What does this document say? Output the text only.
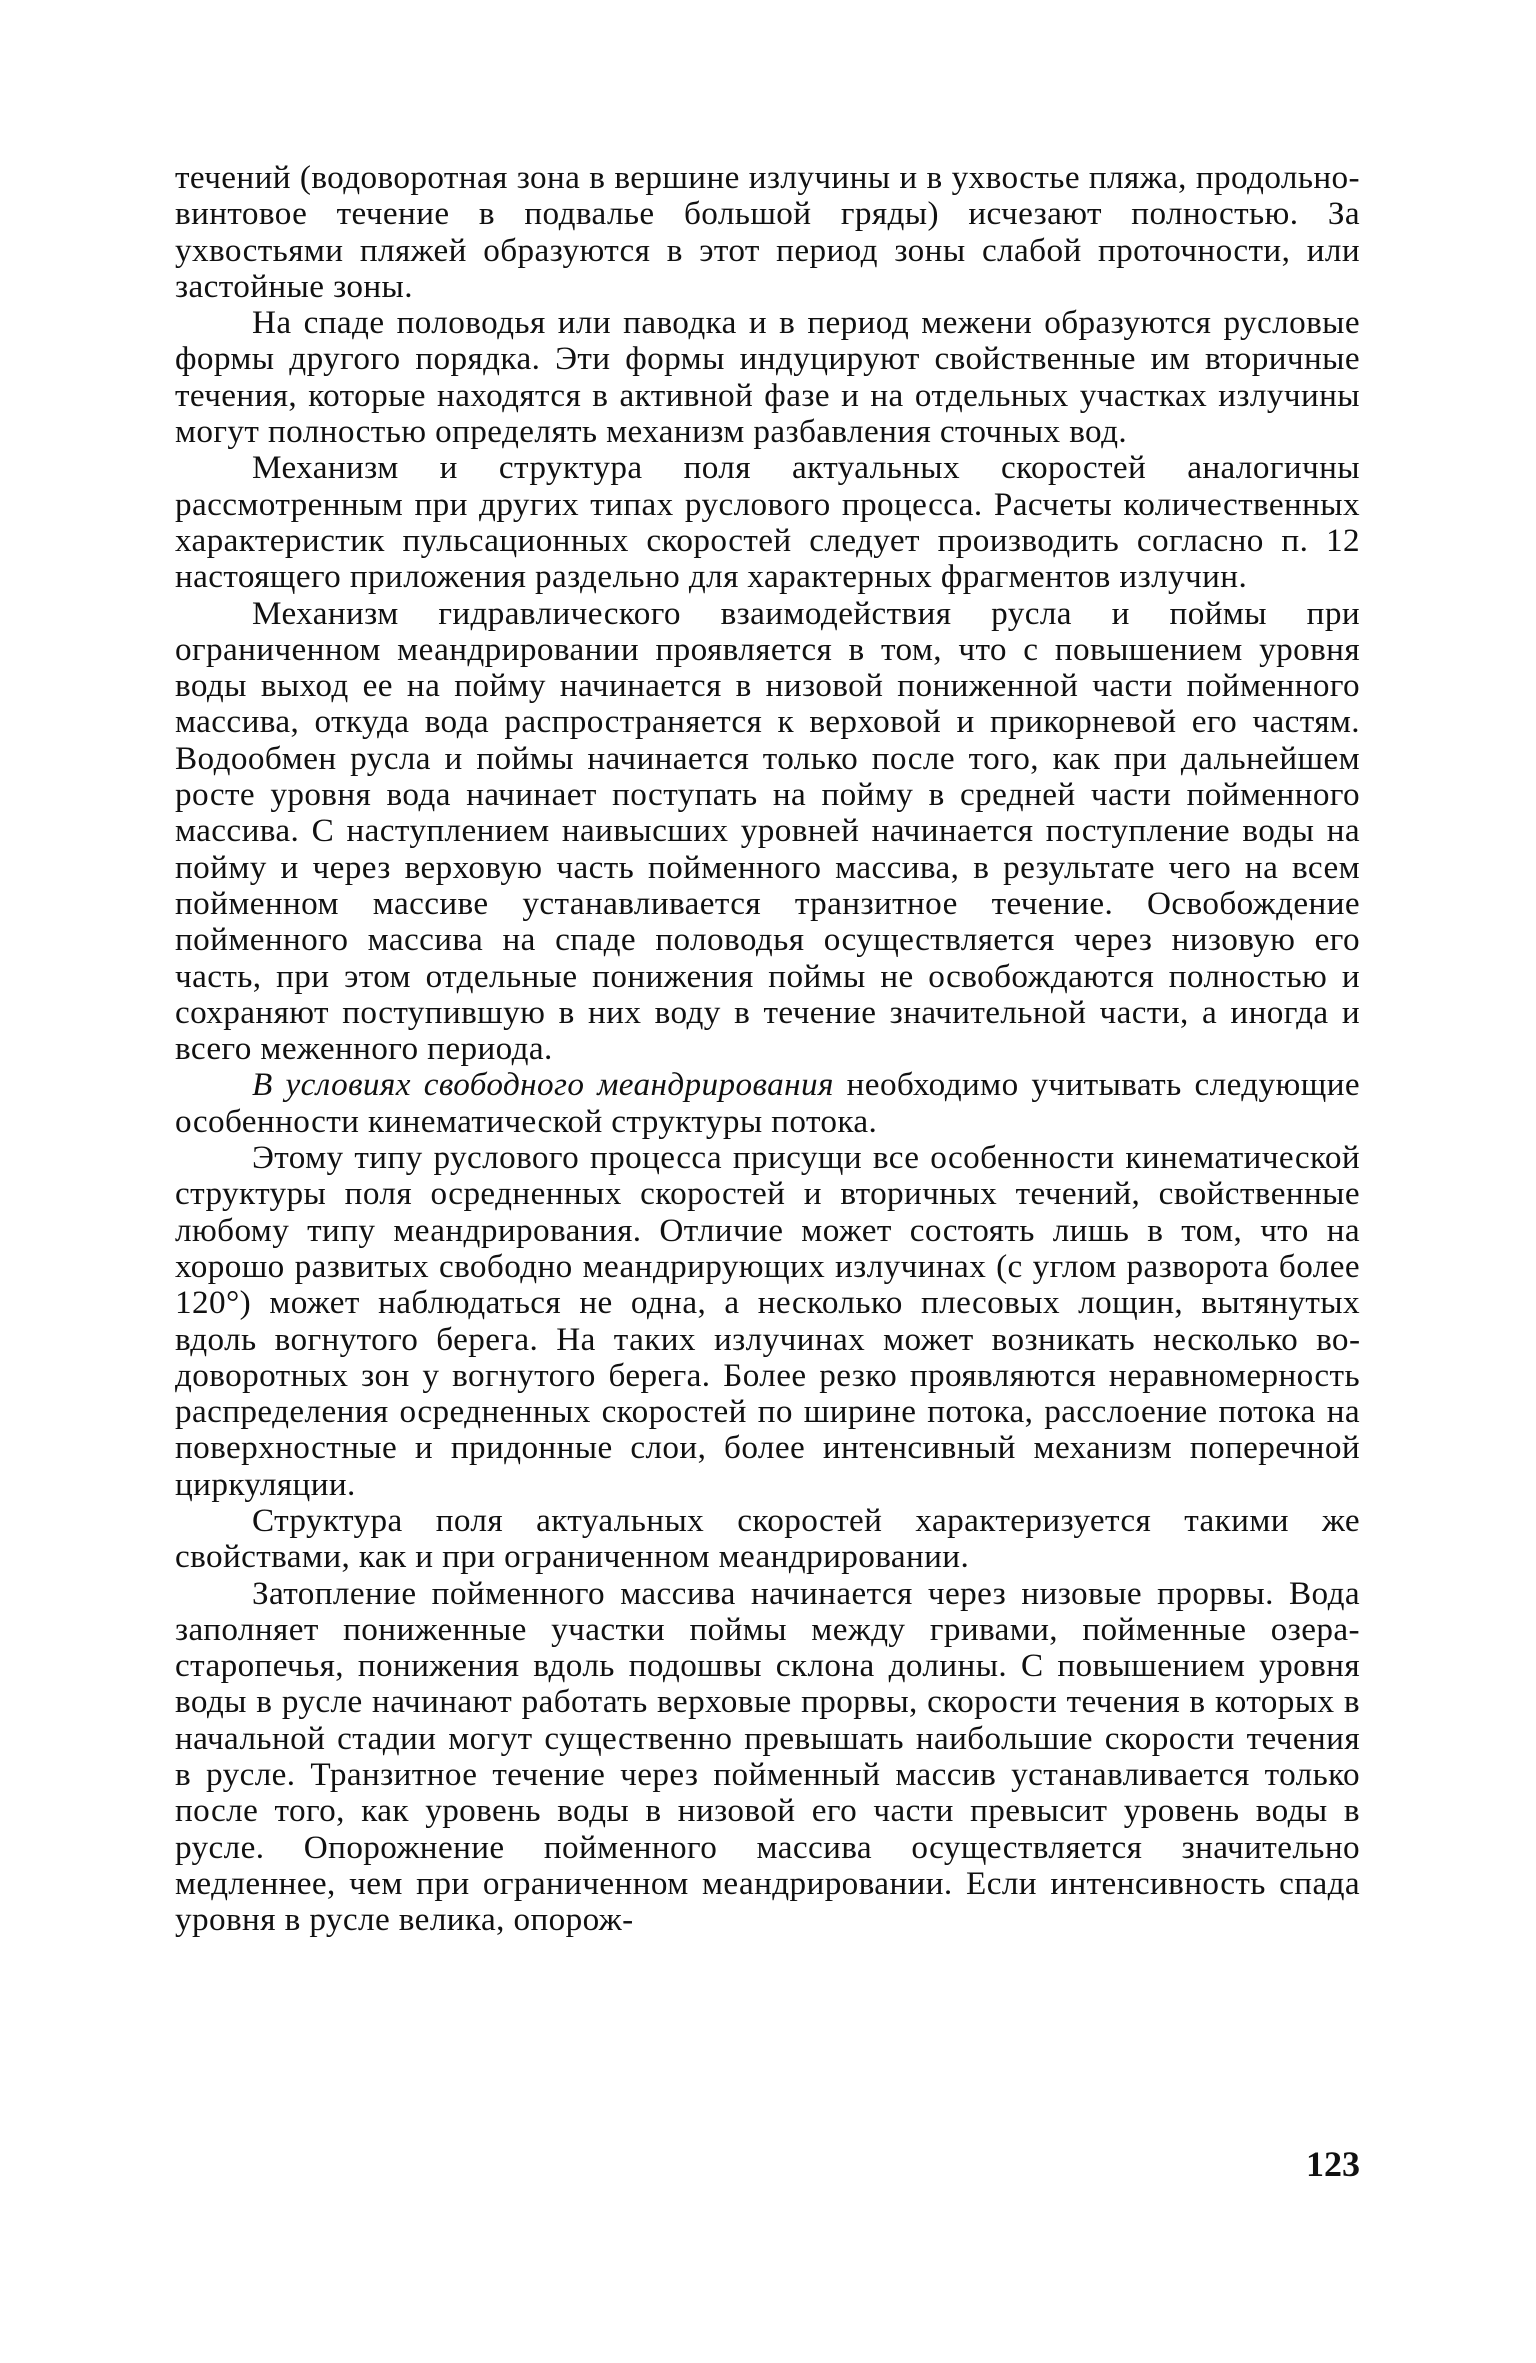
течений (водоворотная зона в вершине излучины и в ухвостье пляжа, продольно-винтовое течение в подвалье большой гряды) исчезают полностью. За ухвостьями пляжей образуются в этот период зоны слабой проточности, или застойные зоны.

На спаде половодья или паводка и в период межени образуются русловые формы другого порядка. Эти формы индуцируют свойственные им вторичные течения, которые находятся в активной фазе и на отдельных участках излучины могут полностью определять механизм разбавления сточных вод.

Механизм и структура поля актуальных скоростей аналогичны рассмотренным при других типах руслового процесса. Расчеты количественных характеристик пульсационных скоростей следует производить согласно п. 12 настоящего приложения раздельно для характерных фрагментов излучин.

Механизм гидравлического взаимодействия русла и поймы при ограниченном меандрировании проявляется в том, что с повышением уровня воды выход ее на пойму начинается в низовой пониженной части пойменного массива, откуда вода распространяется к верховой и прикорневой его частям. Водообмен русла и поймы начинается только после того, как при дальнейшем росте уровня вода начинает поступать на пойму в средней части пойменного массива. С наступлением наивысших уровней начинается поступление воды на пойму и через верховую часть пойменного массива, в результате чего на всем пойменном массиве устанавливается транзитное течение. Освобождение пойменного массива на спаде половодья осуществляется через низовую его часть, при этом отдельные понижения поймы не освобождаются полностью и сохраняют поступившую в них воду в течение значительной части, а иногда и всего меженного периода.

В условиях свободного меандрирования необходимо учитывать следующие особенности кинематической структуры потока.

Этому типу руслового процесса присущи все особенности кинематической структуры поля осредненных скоростей и вторичных течений, свойственные любому типу меандрирования. Отличие может состоять лишь в том, что на хорошо развитых свободно меандрирующих излучинах (с углом разворота более 120°) может наблюдаться не одна, а несколько плесовых лощин, вытянутых вдоль вогнутого берега. На таких излучинах может возникать несколько водоворотных зон у вогнутого берега. Более резко проявляются неравномерность распределения осредненных скоростей по ширине потока, расслоение потока на поверхностные и придонные слои, более интенсивный механизм поперечной циркуляции.

Структура поля актуальных скоростей характеризуется такими же свойствами, как и при ограниченном меандрировании.

Затопление пойменного массива начинается через низовые прорвы. Вода заполняет пониженные участки поймы между гривами, пойменные озера-старопечья, понижения вдоль подошвы склона долины. С повышением уровня воды в русле начинают работать верховые прорвы, скорости течения в которых в начальной стадии могут существенно превышать наибольшие скорости течения в русле. Транзитное течение через пойменный массив устанавливается только после того, как уровень воды в низовой его части превысит уровень воды в русле. Опорожнение пойменного массива осуществляется значительно медленнее, чем при ограниченном меандрировании. Если интенсивность спада уровня в русле велика, опорож-

123
